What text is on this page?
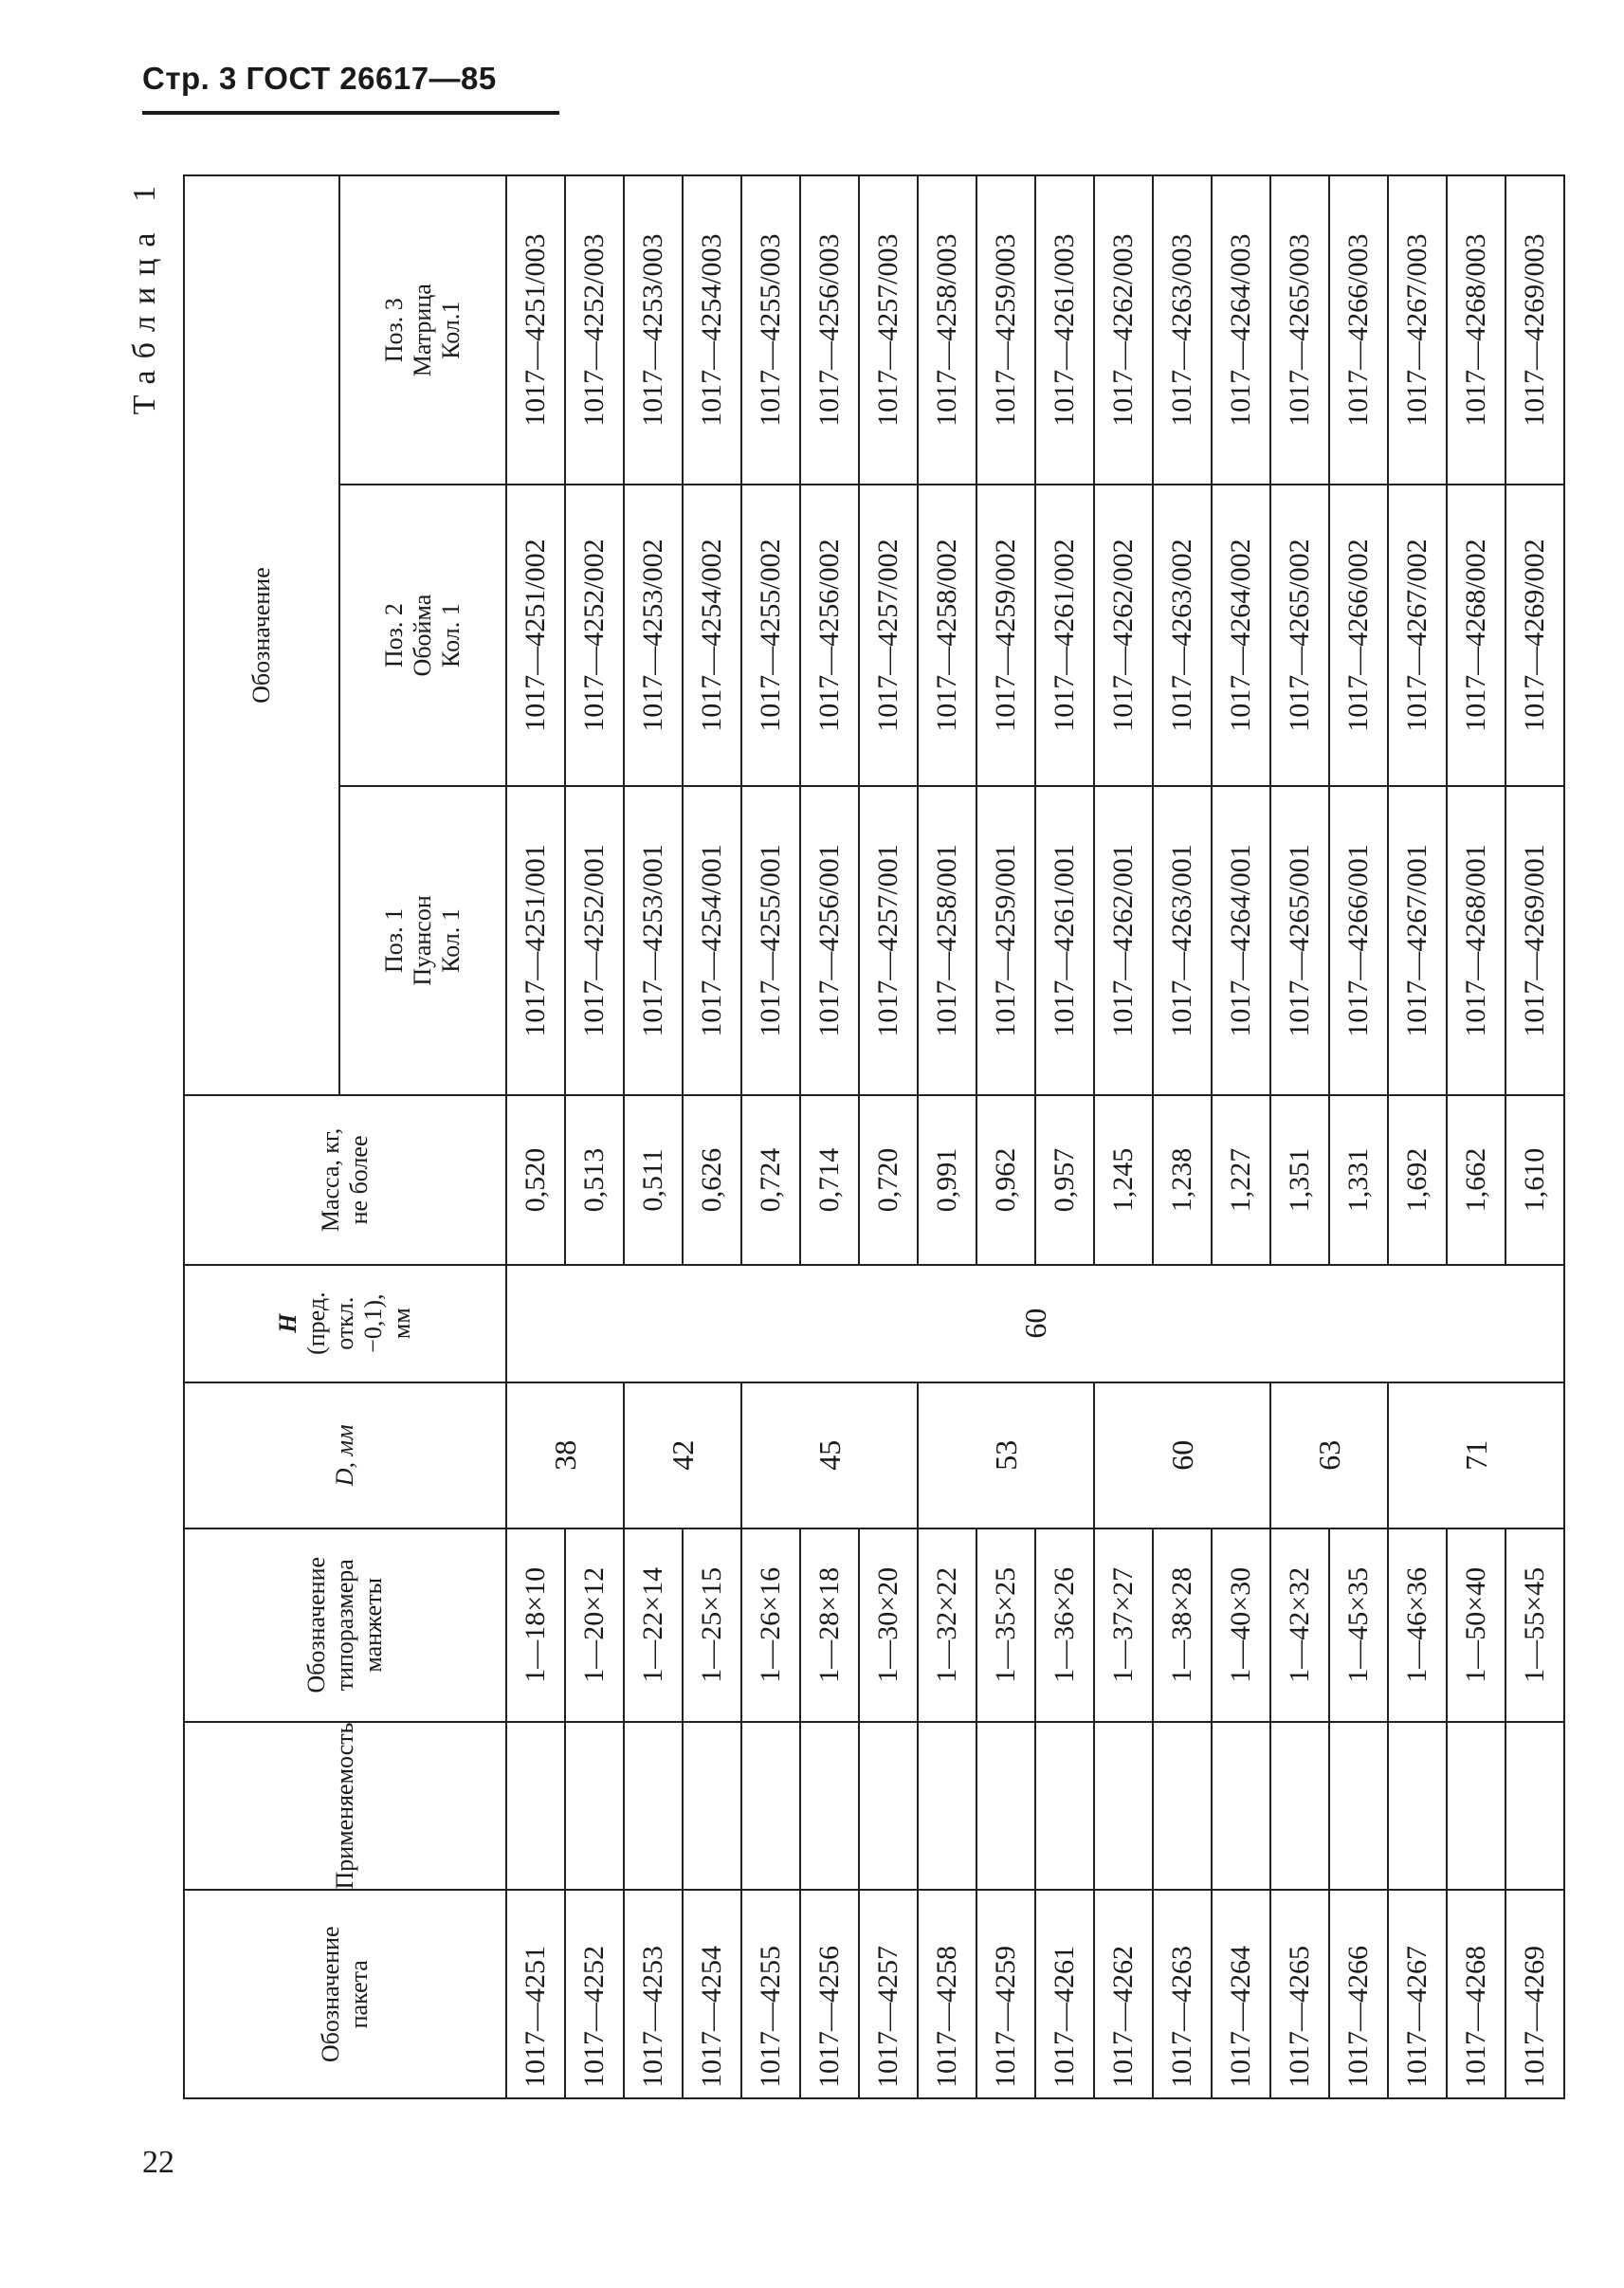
Стр. 3 ГОСТ 26617—85
Таблица 1
Обозначение пакета	Применяемость	Обозначение типоразмера манжеты	D, мм	H (пред. откл. −0,1), мм	Масса, кг, не более	Обозначение		

						Поз. 1 Пуансон Кол. 1	Поз. 2 Обойма Кол. 1	Поз. 3 Матрица Кол.1

1017—4251		1—18×10	38	60	0,520	1017—4251/001	1017—4251/002	1017—4251/003
1017—4252		1—20×12			0,513	1017—4252/001	1017—4252/002	1017—4252/003
1017—4253		1—22×14	42		0,511	1017—4253/001	1017—4253/002	1017—4253/003
1017—4254		1—25×15			0,626	1017—4254/001	1017—4254/002	1017—4254/003
1017—4255		1—26×16	45		0,724	1017—4255/001	1017—4255/002	1017—4255/003
1017—4256		1—28×18			0,714	1017—4256/001	1017—4256/002	1017—4256/003
1017—4257		1—30×20			0,720	1017—4257/001	1017—4257/002	1017—4257/003
1017—4258		1—32×22	53		0,991	1017—4258/001	1017—4258/002	1017—4258/003
1017—4259		1—35×25			0,962	1017—4259/001	1017—4259/002	1017—4259/003
1017—4261		1—36×26			0,957	1017—4261/001	1017—4261/002	1017—4261/003
1017—4262		1—37×27	60		1,245	1017—4262/001	1017—4262/002	1017—4262/003
1017—4263		1—38×28			1,238	1017—4263/001	1017—4263/002	1017—4263/003
1017—4264		1—40×30			1,227	1017—4264/001	1017—4264/002	1017—4264/003
1017—4265		1—42×32	63		1,351	1017—4265/001	1017—4265/002	1017—4265/003
1017—4266		1—45×35			1,331	1017—4266/001	1017—4266/002	1017—4266/003
1017—4267		1—46×36	71		1,692	1017—4267/001	1017—4267/002	1017—4267/003
1017—4268		1—50×40			1,662	1017—4268/001	1017—4268/002	1017—4268/003
1017—4269		1—55×45			1,610	1017—4269/001	1017—4269/002	1017—4269/003
22
